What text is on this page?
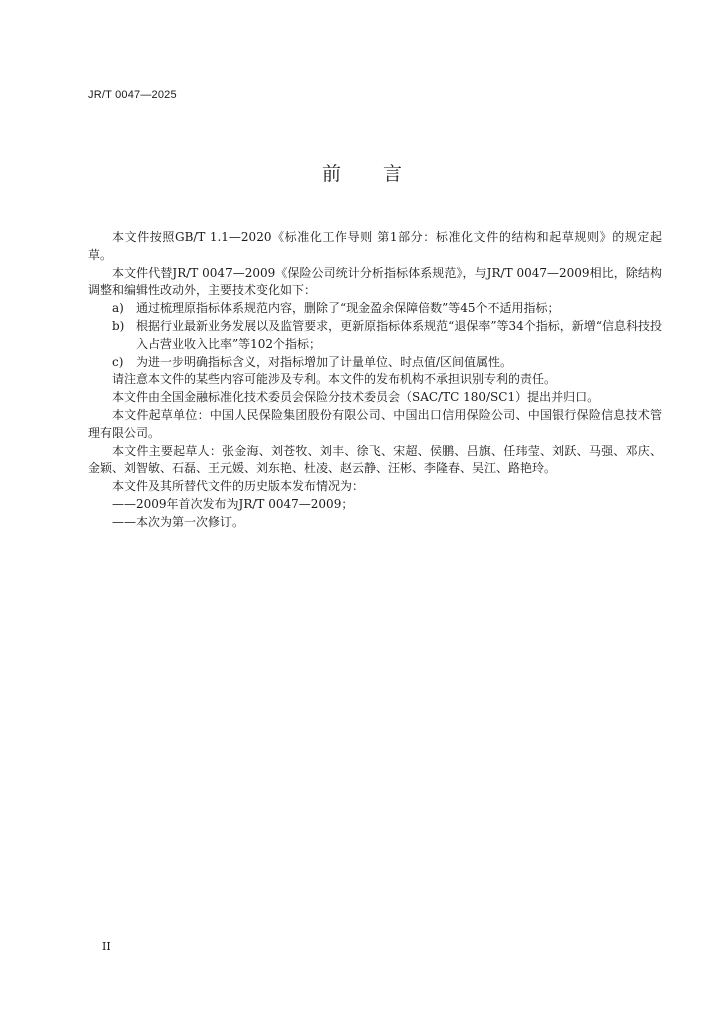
JR/T 0047—2025
前 言

本文件按照GB/T 1.1—2020《标准化工作导则 第1部分：标准化文件的结构和起草规则》的规定起草。

本文件代替JR/T 0047—2009《保险公司统计分析指标体系规范》，与JR/T 0047—2009相比，除结构调整和编辑性改动外，主要技术变化如下：

a)	通过梳理原指标体系规范内容，删除了“现金盈余保障倍数”等45个不适用指标；
b) 根据行业最新业务发展以及监管要求，更新原指标体系规范“退保率”等34个指标，新增“信息科技投入占营业收入比率”等102个指标；
c)	为进一步明确指标含义，对指标增加了计量单位、时点值/区间值属性。

请注意本文件的某些内容可能涉及专利。本文件的发布机构不承担识别专利的责任。

本文件由全国金融标准化技术委员会保险分技术委员会（SAC/TC 180/SC1）提出并归口。

本文件起草单位：中国人民保险集团股份有限公司、中国出口信用保险公司、中国银行保险信息技术管理有限公司。

本文件主要起草人：张金海、刘苍牧、刘丰、徐飞、宋超、侯鹏、吕旗、任玮莹、刘跃、马强、邓庆、金颖、刘智敏、石磊、王元媛、刘东艳、杜凌、赵云静、汪彬、李隆春、吴江、路艳玲。

本文件及其所替代文件的历史版本发布情况为：

——2009年首次发布为JR/T 0047—2009；

——本次为第一次修订。

II
